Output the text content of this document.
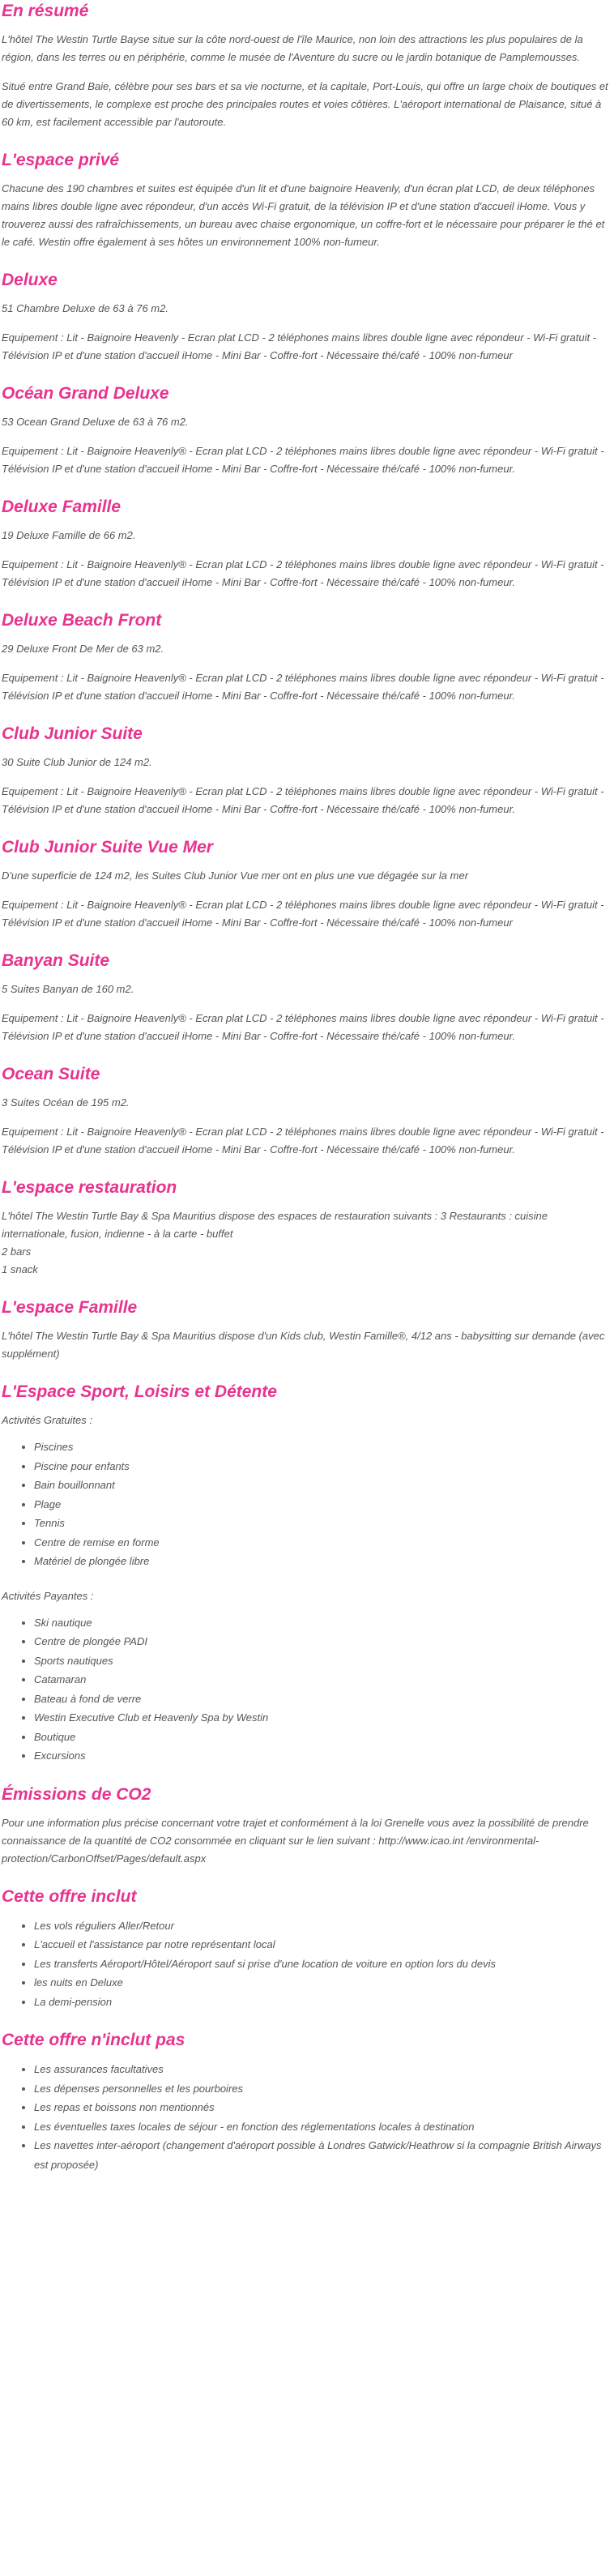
En résumé

L'hôtel The Westin Turtle Bayse situe sur la côte nord-ouest de l'île Maurice, non loin des attractions les plus populaires de la région, dans les terres ou en périphérie, comme le musée de l'Aventure du sucre ou le jardin botanique de Pamplemousses.

Situé entre Grand Baie, célèbre pour ses bars et sa vie nocturne, et la capitale, Port-Louis, qui offre un large choix de boutiques et de divertissements, le complexe est proche des principales routes et voies côtières. L'aéroport international de Plaisance, situé à 60 km, est facilement accessible par l'autoroute.

L'espace privé

Chacune des 190 chambres et suites est équipée d'un lit et d'une baignoire Heavenly, d'un écran plat LCD, de deux téléphones mains libres double ligne avec répondeur, d'un accès Wi-Fi gratuit, de la télévision IP et d'une station d'accueil iHome. Vous y trouverez aussi des rafraîchissements, un bureau avec chaise ergonomique, un coffre-fort et le nécessaire pour préparer le thé et le café. Westin offre également à ses hôtes un environnement 100% non-fumeur.

Deluxe

51 Chambre Deluxe de 63 à 76 m2.

Equipement : Lit - Baignoire Heavenly - Ecran plat LCD - 2 téléphones mains libres double ligne avec répondeur - Wi-Fi gratuit - Télévision IP et d'une station d'accueil iHome - Mini Bar - Coffre-fort - Nécessaire thé/café - 100% non-fumeur

Océan Grand Deluxe

53 Ocean Grand Deluxe de 63 à 76 m2.

Equipement : Lit - Baignoire Heavenly® - Ecran plat LCD - 2 téléphones mains libres double ligne avec répondeur - Wi-Fi gratuit - Télévision IP et d'une station d'accueil iHome - Mini Bar - Coffre-fort - Nécessaire thé/café - 100% non-fumeur.

Deluxe Famille

19 Deluxe Famille de 66 m2.

Equipement : Lit - Baignoire Heavenly® - Ecran plat LCD - 2 téléphones mains libres double ligne avec répondeur - Wi-Fi gratuit - Télévision IP et d'une station d'accueil iHome - Mini Bar - Coffre-fort - Nécessaire thé/café - 100% non-fumeur.

Deluxe Beach Front

29 Deluxe Front De Mer de 63 m2.

Equipement : Lit - Baignoire Heavenly® - Ecran plat LCD - 2 téléphones mains libres double ligne avec répondeur - Wi-Fi gratuit - Télévision IP et d'une station d'accueil iHome - Mini Bar - Coffre-fort - Nécessaire thé/café - 100% non-fumeur.

Club Junior Suite

30 Suite Club Junior de 124 m2.

Equipement : Lit - Baignoire Heavenly® - Ecran plat LCD - 2 téléphones mains libres double ligne avec répondeur - Wi-Fi gratuit - Télévision IP et d'une station d'accueil iHome - Mini Bar - Coffre-fort - Nécessaire thé/café - 100% non-fumeur.

Club Junior Suite Vue Mer

D'une superficie de 124 m2, les Suites Club Junior Vue mer ont en plus une vue dégagée sur la mer

Equipement : Lit - Baignoire Heavenly® - Ecran plat LCD - 2 téléphones mains libres double ligne avec répondeur - Wi-Fi gratuit - Télévision IP et d'une station d'accueil iHome - Mini Bar - Coffre-fort - Nécessaire thé/café - 100% non-fumeur

Banyan Suite

5 Suites Banyan de 160 m2.

Equipement : Lit - Baignoire Heavenly® - Ecran plat LCD - 2 téléphones mains libres double ligne avec répondeur - Wi-Fi gratuit - Télévision IP et d'une station d'accueil iHome - Mini Bar - Coffre-fort - Nécessaire thé/café - 100% non-fumeur.

Ocean Suite

3 Suites Océan de 195 m2.

Equipement : Lit - Baignoire Heavenly® - Ecran plat LCD - 2 téléphones mains libres double ligne avec répondeur - Wi-Fi gratuit - Télévision IP et d'une station d'accueil iHome - Mini Bar - Coffre-fort - Nécessaire thé/café - 100% non-fumeur.

L'espace restauration

L'hôtel The Westin Turtle Bay & Spa Mauritius dispose des espaces de restauration suivants : 3 Restaurants : cuisine internationale, fusion, indienne - à la carte - buffet
2 bars
1 snack

L'espace Famille

L'hôtel The Westin Turtle Bay & Spa Mauritius dispose d'un Kids club, Westin Famille®, 4/12 ans - babysitting sur demande (avec supplément)

L'Espace Sport, Loisirs et Détente
Activités Gratuites :
• Piscines
• Piscine pour enfants
• Bain bouillonnant
• Plage
• Tennis
• Centre de remise en forme
• Matériel de plongée libre
Activités Payantes :
• Ski nautique
• Centre de plongée PADI
• Sports nautiques
• Catamaran
• Bateau à fond de verre
• Westin Executive Club et Heavenly Spa by Westin
• Boutique
• Excursions
Émissions de CO2

Pour une information plus précise concernant votre trajet et conformément à la loi Grenelle vous avez la possibilité de prendre connaissance de la quantité de CO2 consommée en cliquant sur le lien suivant : http://www.icao.int /environmental-protection/CarbonOffset/Pages/default.aspx

Cette offre inclut
• Les vols réguliers Aller/Retour
• L'accueil et l'assistance par notre représentant local
• Les transferts Aéroport/Hôtel/Aéroport sauf si prise d'une location de voiture en option lors du devis
• les nuits en Deluxe
• La demi-pension
Cette offre n'inclut pas
• Les assurances facultatives
• Les dépenses personnelles et les pourboires
• Les repas et boissons non mentionnés
• Les éventuelles taxes locales de séjour - en fonction des réglementations locales à destination
• Les navettes inter-aéroport (changement d'aéroport possible à Londres Gatwick/Heathrow si la compagnie British Airways est proposée)
